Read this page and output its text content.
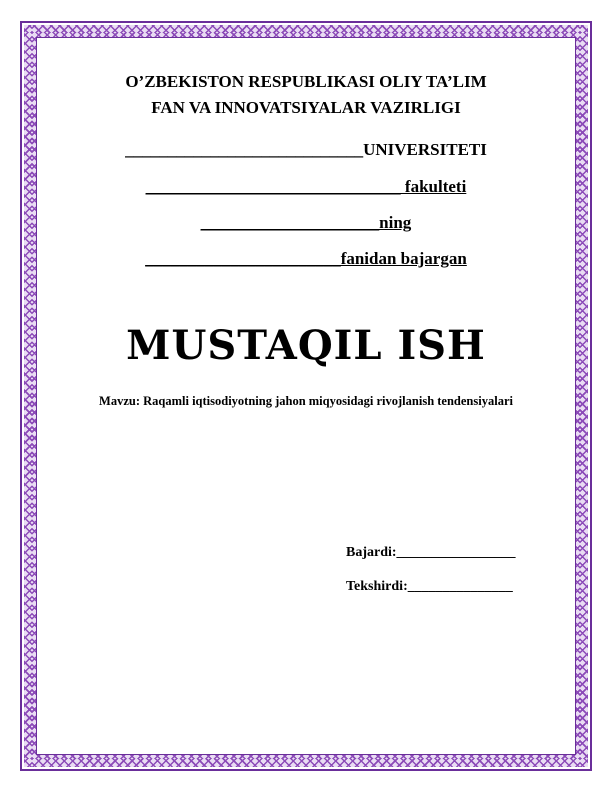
O’ZBEKISTON RESPUBLIKASI OLIY TA’LIM
FAN VA INNOVATSIYALAR VAZIRLIGI
____________________________UNIVERSITETI
______________________________ fakulteti
_____________________ning
_______________________fanidan bajargan
MUSTAQIL ISH
Mavzu: Raqamli iqtisodiyotning jahon miqyosidagi rivojlanish tendensiyalari
Bajardi:_________________
Tekshirdi:_______________
